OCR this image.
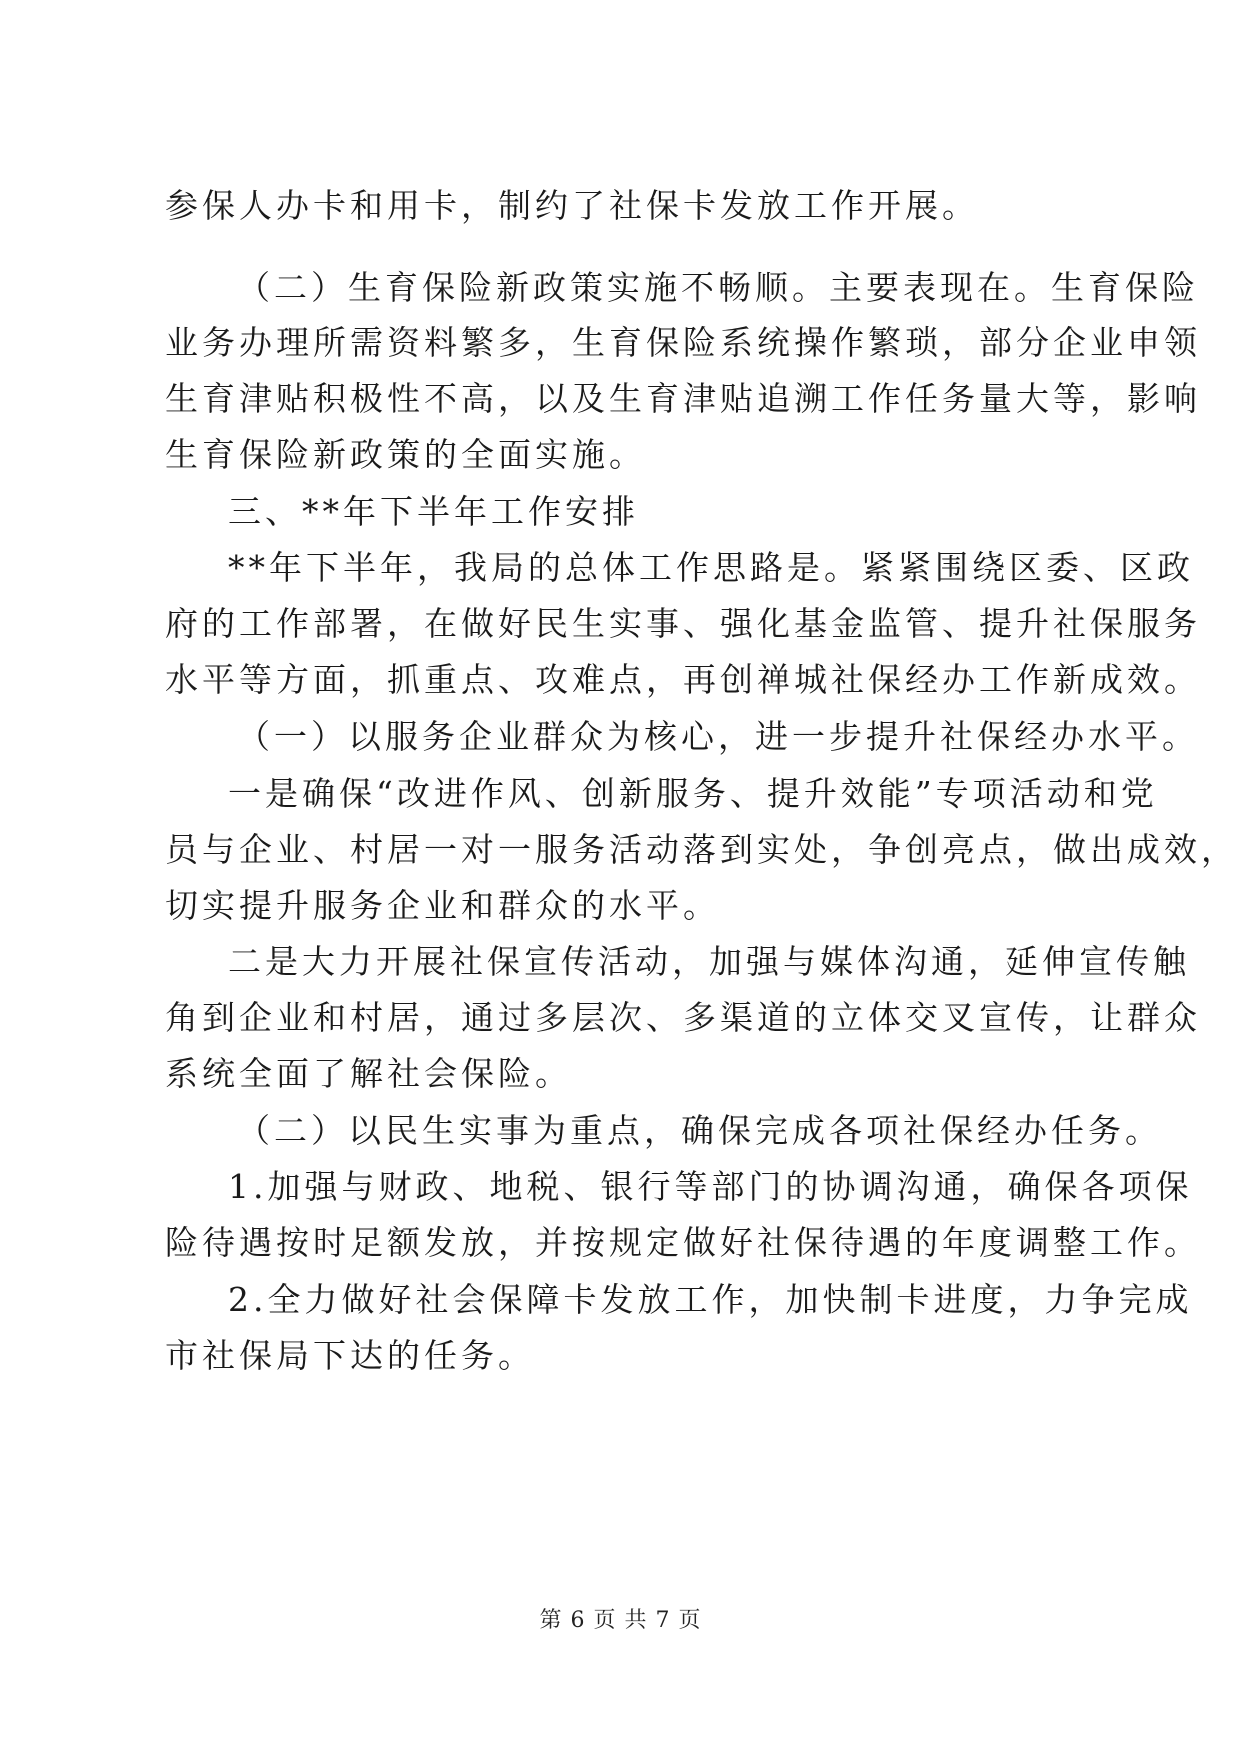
参保人办卡和用卡，制约了社保卡发放工作开展。
（二）生育保险新政策实施不畅顺。主要表现在。生育保险
业务办理所需资料繁多，生育保险系统操作繁琐，部分企业申领
生育津贴积极性不高，以及生育津贴追溯工作任务量大等，影响
生育保险新政策的全面实施。
三、**年下半年工作安排
**年下半年，我局的总体工作思路是。紧紧围绕区委、区政
府的工作部署，在做好民生实事、强化基金监管、提升社保服务
水平等方面，抓重点、攻难点，再创禅城社保经办工作新成效。
（一）以服务企业群众为核心，进一步提升社保经办水平。
一是确保“改进作风、创新服务、提升效能”专项活动和党
员与企业、村居一对一服务活动落到实处，争创亮点，做出成效，
切实提升服务企业和群众的水平。
二是大力开展社保宣传活动，加强与媒体沟通，延伸宣传触
角到企业和村居，通过多层次、多渠道的立体交叉宣传，让群众
系统全面了解社会保险。
（二）以民生实事为重点，确保完成各项社保经办任务。
1.加强与财政、地税、银行等部门的协调沟通，确保各项保
险待遇按时足额发放，并按规定做好社保待遇的年度调整工作。
2.全力做好社会保障卡发放工作，加快制卡进度，力争完成
市社保局下达的任务。
第 6 页 共 7 页
